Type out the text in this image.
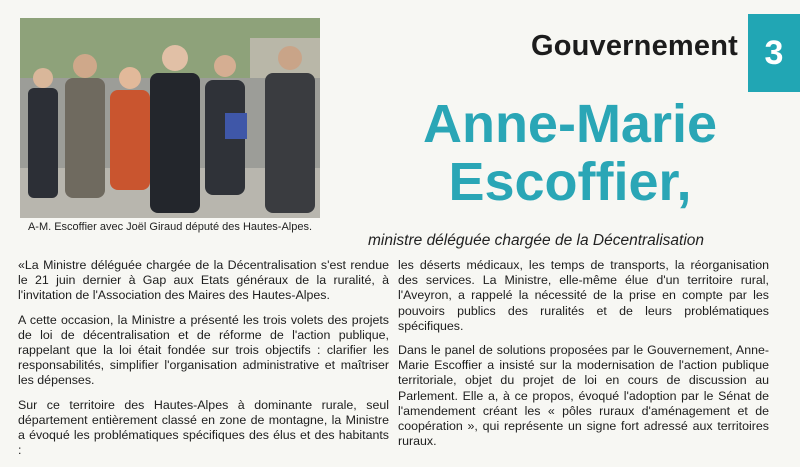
A-M. Escoffier avec Joël Giraud député des Hautes-Alpes.
Gouvernement 3
Anne-Marie
Escoffier,
ministre déléguée chargée de la Décentralisation

«La Ministre déléguée chargée de la Décentralisation s'est rendue le 21 juin dernier à Gap aux Etats généraux de la ruralité, à l'invitation de l'Association des Maires des Hautes-Alpes.

A cette occasion, la Ministre a présenté les trois volets des projets de loi de décentralisation et de réforme de l'action publique, rappelant que la loi était fondée sur trois objectifs : clarifier les responsabilités, simplifier l'organisation administrative et maîtriser les dépenses.

Sur ce territoire des Hautes-Alpes à dominante rurale, seul département entièrement classé en zone de montagne, la Ministre a évoqué les problématiques spécifiques des élus et des habitants :

les déserts médicaux, les temps de transports, la réorganisation des services. La Ministre, elle-même élue d'un territoire rural, l'Aveyron, a rappelé la nécessité de la prise en compte par les pouvoirs publics des ruralités et de leurs problématiques spécifiques.

Dans le panel de solutions proposées par le Gouvernement, Anne-Marie Escoffier a insisté sur la modernisation de l'action publique territoriale, objet du projet de loi en cours de discussion au Parlement. Elle a, à ce propos, évoqué l'adoption par le Sénat de l'amendement créant les « pôles ruraux d'aménagement et de coopération », qui représente un signe fort adressé aux territoires ruraux.
